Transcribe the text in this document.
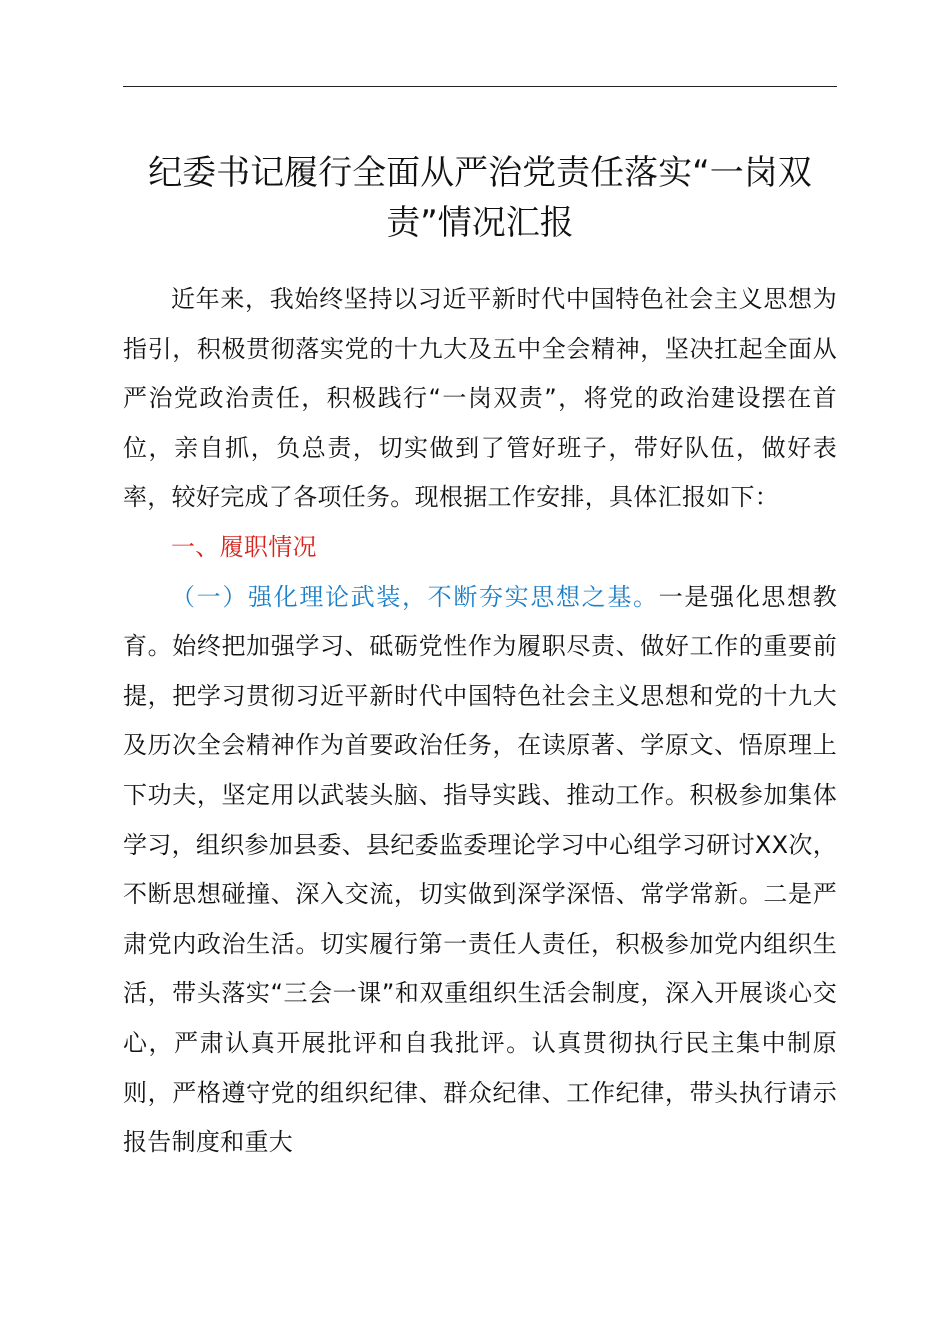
纪委书记履行全面从严治党责任落实“一岗双责”情况汇报

近年来，我始终坚持以习近平新时代中国特色社会主义思想为指引，积极贯彻落实党的十九大及五中全会精神，坚决扛起全面从严治党政治责任，积极践行“一岗双责”，将党的政治建设摆在首位，亲自抓，负总责，切实做到了管好班子，带好队伍，做好表率，较好完成了各项任务。现根据工作安排，具体汇报如下：

一、履职情况

（一）强化理论武装，不断夯实思想之基。一是强化思想教育。始终把加强学习、砥砺党性作为履职尽责、做好工作的重要前提，把学习贯彻习近平新时代中国特色社会主义思想和党的十九大及历次全会精神作为首要政治任务，在读原著、学原文、悟原理上下功夫，坚定用以武装头脑、指导实践、推动工作。积极参加集体学习，组织参加县委、县纪委监委理论学习中心组学习研讨XX次，不断思想碰撞、深入交流，切实做到深学深悟、常学常新。二是严肃党内政治生活。切实履行第一责任人责任，积极参加党内组织生活，带头落实“三会一课”和双重组织生活会制度，深入开展谈心交心，严肃认真开展批评和自我批评。认真贯彻执行民主集中制原则，严格遵守党的组织纪律、群众纪律、工作纪律，带头执行请示报告制度和重大
